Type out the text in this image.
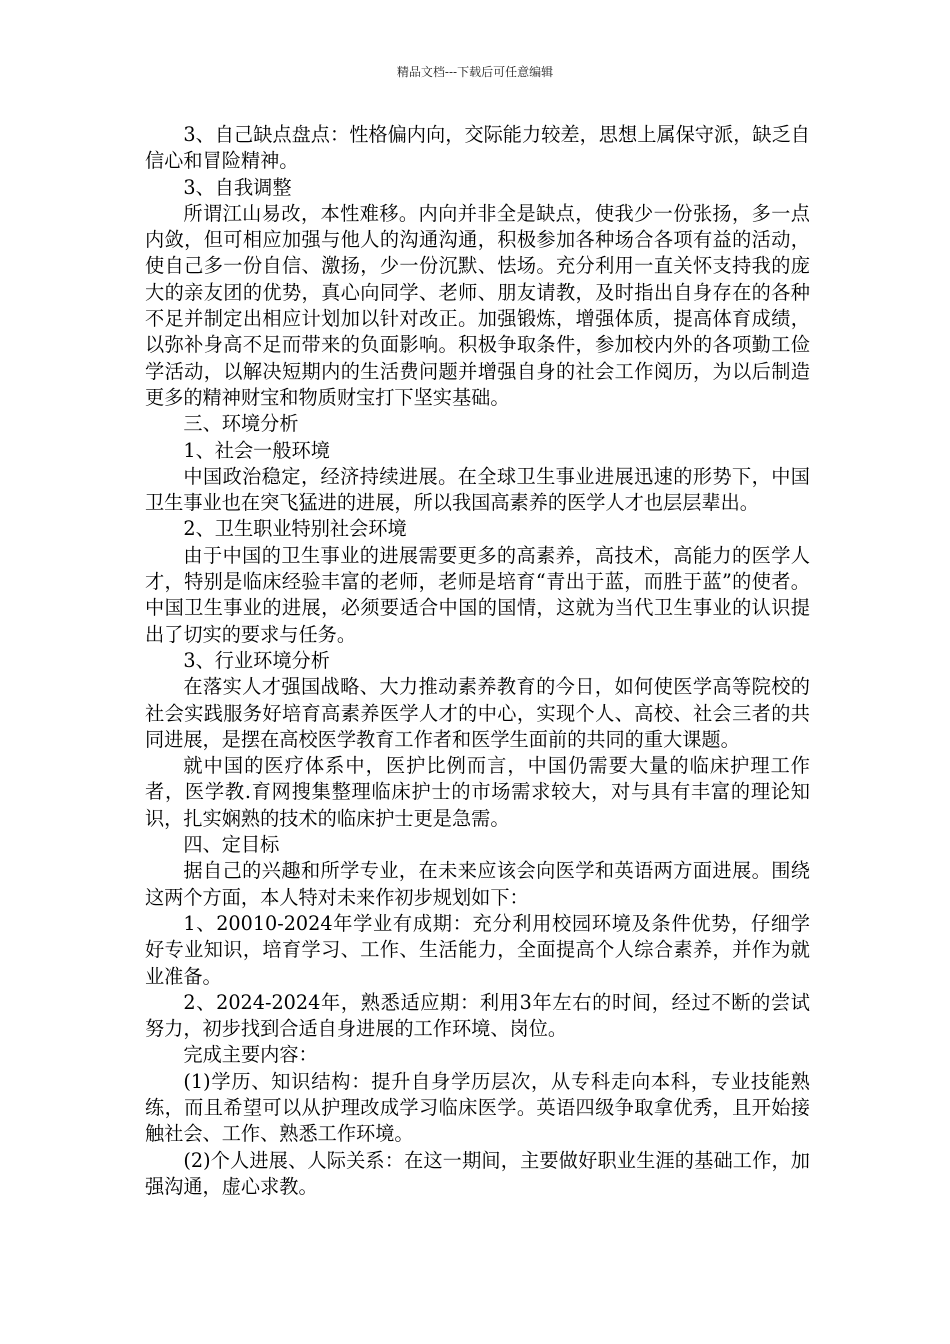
精品文档---下载后可任意编辑

3、自己缺点盘点：性格偏内向，交际能力较差，思想上属保守派，缺乏自信心和冒险精神。

3、自我调整

所谓江山易改，本性难移。内向并非全是缺点，使我少一份张扬，多一点内敛，但可相应加强与他人的沟通沟通，积极参加各种场合各项有益的活动，使自己多一份自信、激扬，少一份沉默、怯场。充分利用一直关怀支持我的庞大的亲友团的优势，真心向同学、老师、朋友请教，及时指出自身存在的各种不足并制定出相应计划加以针对改正。加强锻炼，增强体质，提高体育成绩，以弥补身高不足而带来的负面影响。积极争取条件，参加校内外的各项勤工俭学活动，以解决短期内的生活费问题并增强自身的社会工作阅历，为以后制造更多的精神财宝和物质财宝打下坚实基础。

三、环境分析

1、社会一般环境

中国政治稳定，经济持续进展。在全球卫生事业进展迅速的形势下，中国卫生事业也在突飞猛进的进展，所以我国高素养的医学人才也层层辈出。

2、卫生职业特别社会环境

由于中国的卫生事业的进展需要更多的高素养，高技术，高能力的医学人才，特别是临床经验丰富的老师，老师是培育“青出于蓝，而胜于蓝”的使者。中国卫生事业的进展，必须要适合中国的国情，这就为当代卫生事业的认识提出了切实的要求与任务。

3、行业环境分析

在落实人才强国战略、大力推动素养教育的今日，如何使医学高等院校的社会实践服务好培育高素养医学人才的中心，实现个人、高校、社会三者的共同进展，是摆在高校医学教育工作者和医学生面前的共同的重大课题。

就中国的医疗体系中，医护比例而言，中国仍需要大量的临床护理工作者，医学教.育网搜集整理临床护士的市场需求较大，对与具有丰富的理论知识，扎实娴熟的技术的临床护士更是急需。

四、定目标

据自己的兴趣和所学专业，在未来应该会向医学和英语两方面进展。围绕这两个方面，本人特对未来作初步规划如下：

1、20010-2024年学业有成期：充分利用校园环境及条件优势，仔细学好专业知识，培育学习、工作、生活能力，全面提高个人综合素养，并作为就业准备。

2、2024-2024年，熟悉适应期：利用3年左右的时间，经过不断的尝试努力，初步找到合适自身进展的工作环境、岗位。

完成主要内容：

(1)学历、知识结构：提升自身学历层次，从专科走向本科，专业技能熟练，而且希望可以从护理改成学习临床医学。英语四级争取拿优秀，且开始接触社会、工作、熟悉工作环境。

(2)个人进展、人际关系：在这一期间，主要做好职业生涯的基础工作，加强沟通，虚心求教。
